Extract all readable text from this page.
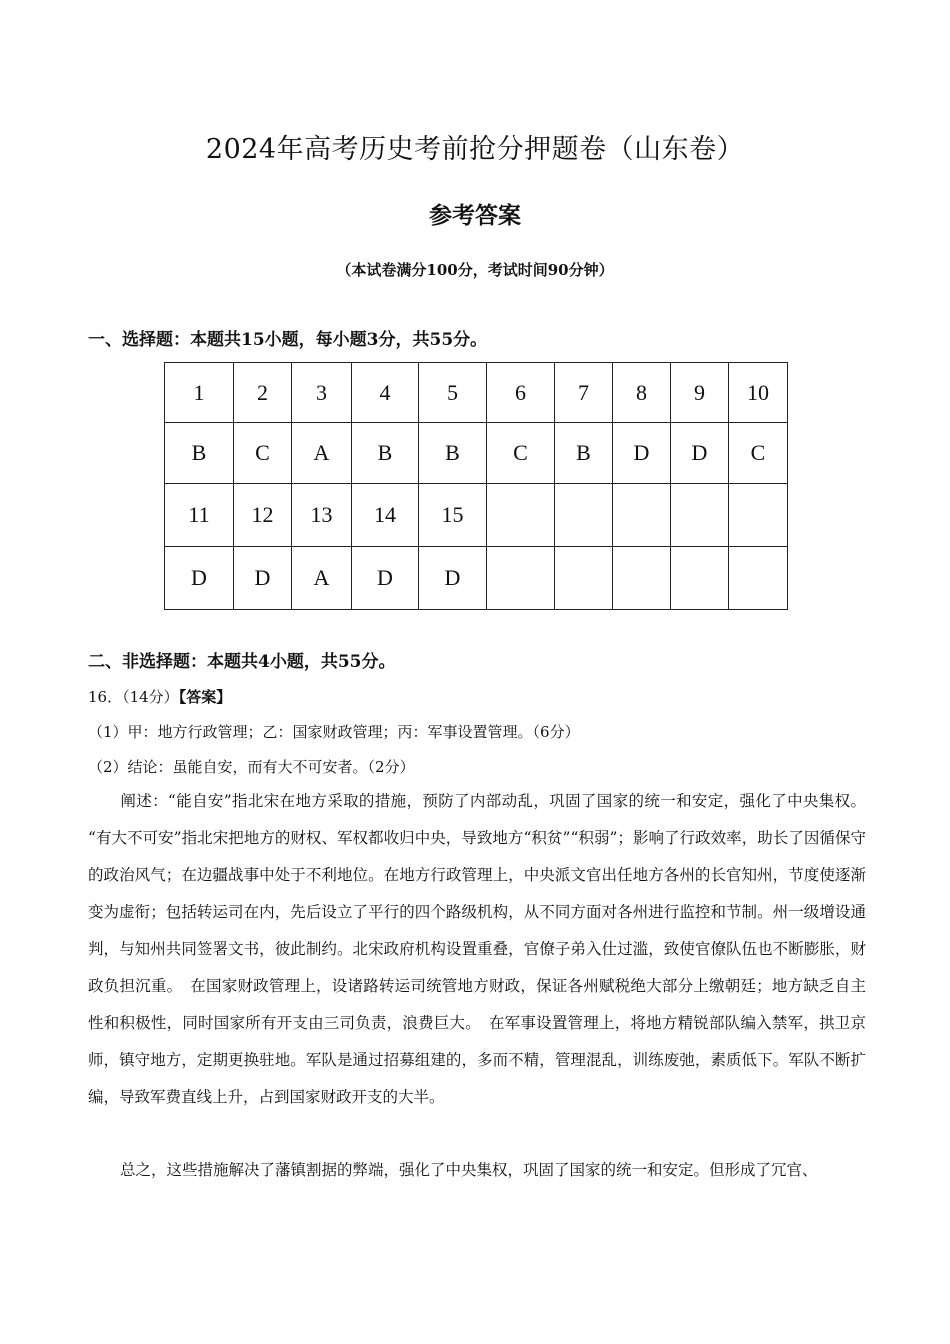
2024年高考历史考前抢分押题卷（山东卷）
参考答案
（本试卷满分100分，考试时间90分钟）
一、选择题：本题共15小题，每小题3分，共55分。
1	2	3	4	5	6	7	8	9	10
B	C	A	B	B	C	B	D	D	C
11	12	13	14	15					
D	D	A	D	D					
二、非选择题：本题共4小题，共55分。
16．（14分）【答案】
（1）甲：地方行政管理；乙：国家财政管理；丙：军事设置管理。（6分）
（2）结论：虽能自安，而有大不可安者。（2分）

阐述：“能自安”指北宋在地方采取的措施，预防了内部动乱，巩固了国家的统一和安定，强化了中央集权。 “有大不可安”指北宋把地方的财权、军权都收归中央，导致地方“积贫”“积弱”；影响了行政效率，助长了因循保守的政治风气；在边疆战事中处于不利地位。在地方行政管理上，中央派文官出任地方各州的长官知州，节度使逐渐变为虚衔；包括转运司在内，先后设立了平行的四个路级机构，从不同方面对各州进行监控和节制。州一级增设通判，与知州共同签署文书，彼此制约。北宋政府机构设置重叠，官僚子弟入仕过滥，致使官僚队伍也不断膨胀，财政负担沉重。　在国家财政管理上，设诸路转运司统管地方财政，保证各州赋税绝大部分上缴朝廷；地方缺乏自主性和积极性，同时国家所有开支由三司负责，浪费巨大。　在军事设置管理上，将地方精锐部队编入禁军，拱卫京师，镇守地方，定期更换驻地。军队是通过招募组建的，多而不精，管理混乱，训练废弛，素质低下。军队不断扩编，导致军费直线上升，占到国家财政开支的大半。

总之，这些措施解决了藩镇割据的弊端，强化了中央集权，巩固了国家的统一和安定。但形成了冗官、
